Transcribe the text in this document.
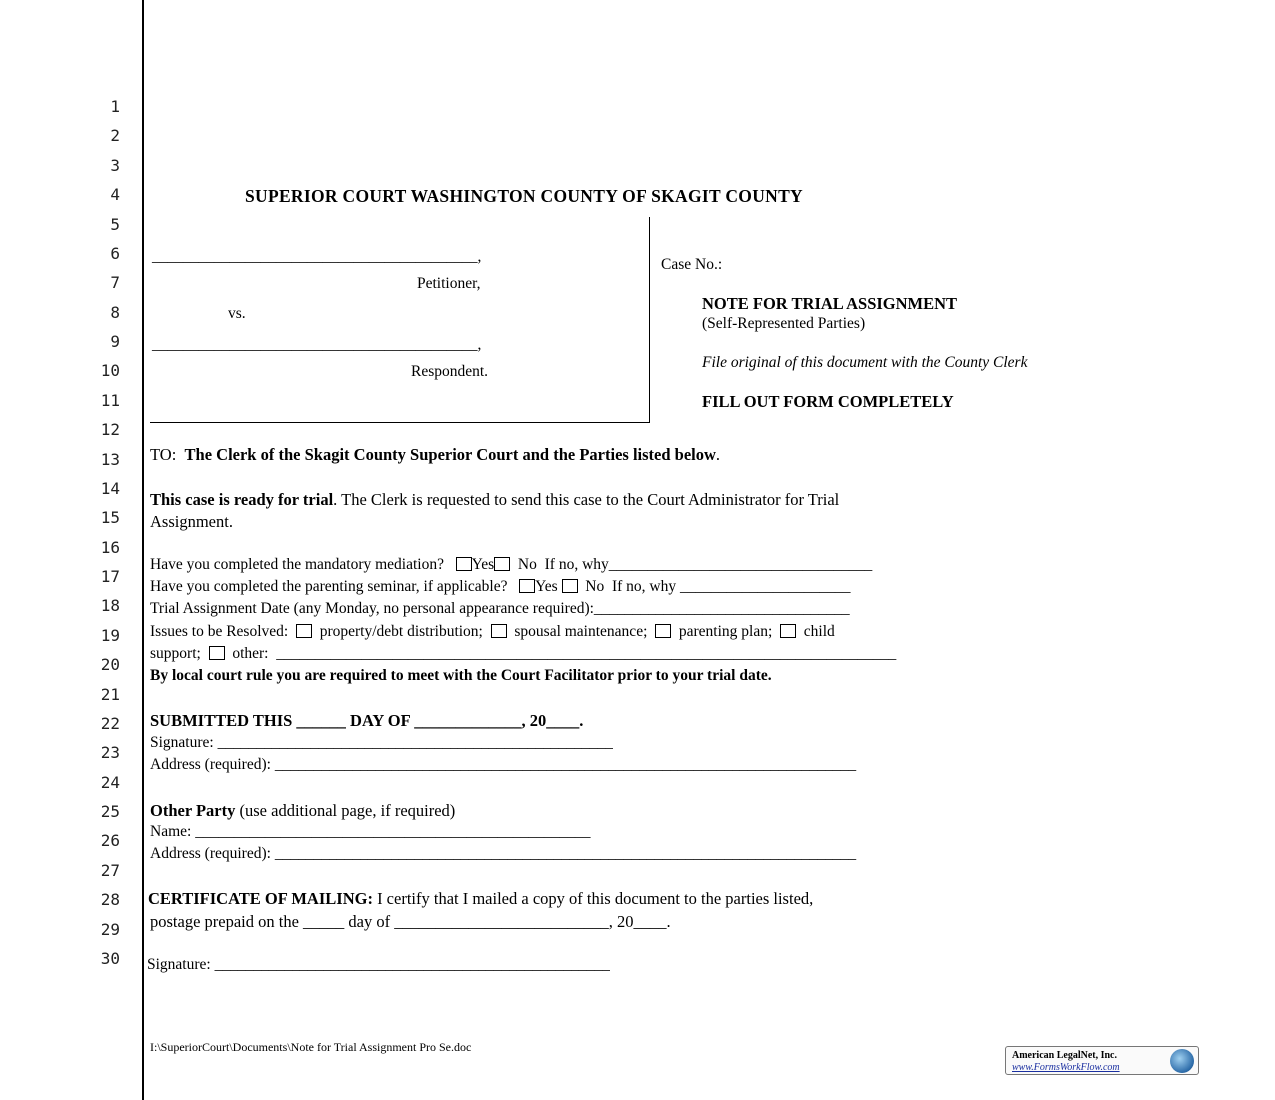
1
2
3
4
5
6
7
8
9
10
11
12
13
14
15
16
17
18
19
20
21
22
23
24
25
26
27
28
29
30
SUPERIOR COURT WASHINGTON COUNTY OF SKAGIT COUNTY
__________________________________________,
Petitioner,
vs.
__________________________________________,
Respondent.
Case No.:
NOTE FOR TRIAL ASSIGNMENT
(Self-Represented Parties)
File original of this document with the County Clerk
FILL OUT FORM COMPLETELY
TO: The Clerk of the Skagit County Superior Court and the Parties listed below.
This case is ready for trial. The Clerk is requested to send this case to the Court Administrator for Trial
Assignment.
Have you completed the mandatory mediation? Yes No If no, why__________________________________
Have you completed the parenting seminar, if applicable? Yes No If no, why ______________________
Trial Assignment Date (any Monday, no personal appearance required):_________________________________
Issues to be Resolved: property/debt distribution; spousal maintenance; parenting plan; child
support; other: ________________________________________________________________________________
By local court rule you are required to meet with the Court Facilitator prior to your trial date.
SUBMITTED THIS ______ DAY OF _____________, 20____.
Signature: ___________________________________________________
Address (required): ___________________________________________________________________________
Other Party (use additional page, if required)
Name: ___________________________________________________
Address (required): ___________________________________________________________________________
CERTIFICATE OF MAILING: I certify that I mailed a copy of this document to the parties listed,
postage prepaid on the _____ day of __________________________, 20____.
Signature: ___________________________________________________
I:\SuperiorCourt\Documents\Note for Trial Assignment Pro Se.doc
American LegalNet, Inc.
www.FormsWorkFlow.com
